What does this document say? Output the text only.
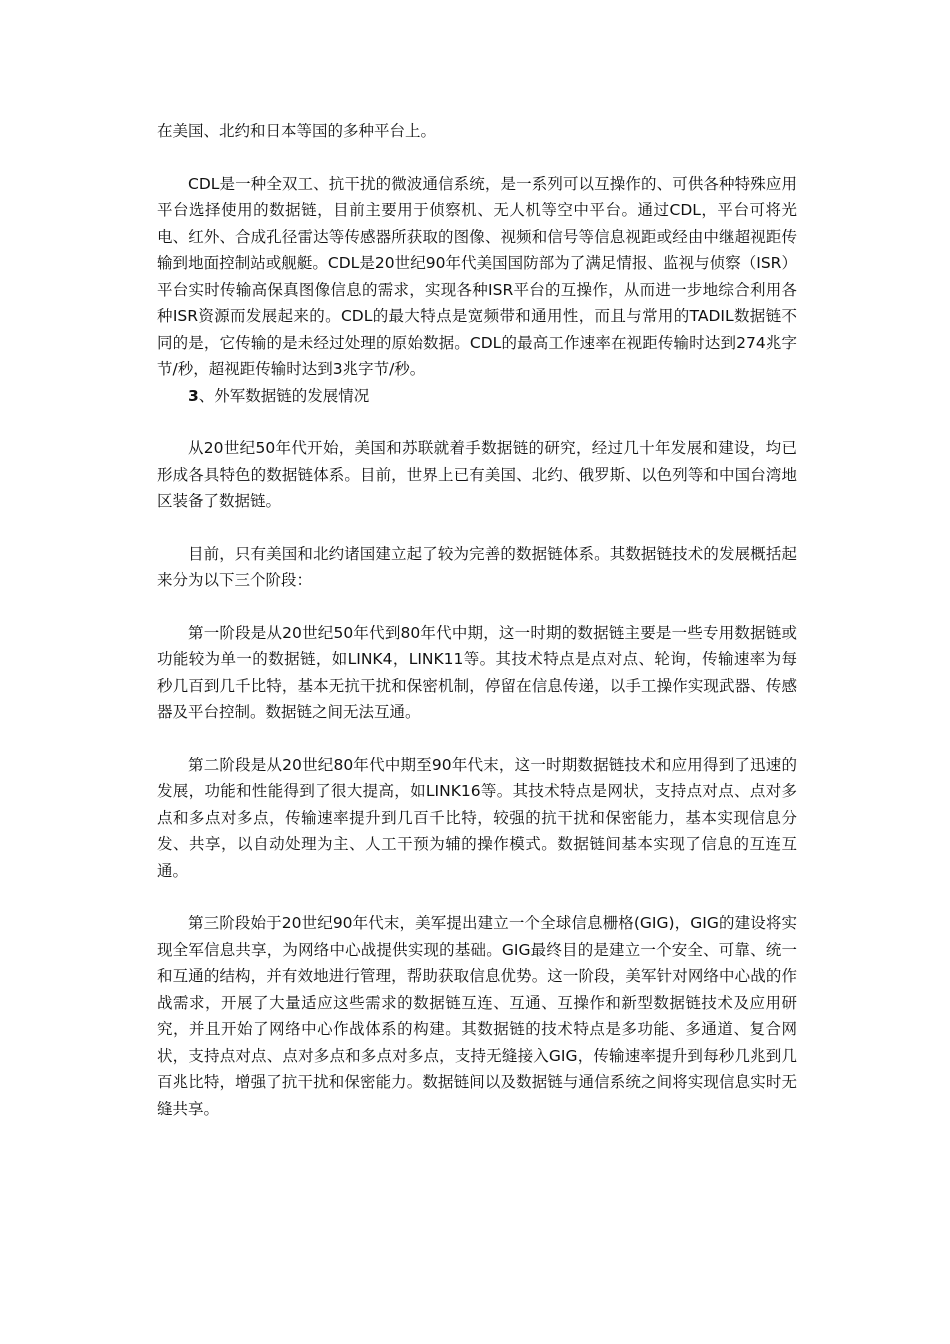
在美国、北约和日本等国的多种平台上。

CDL是一种全双工、抗干扰的微波通信系统，是一系列可以互操作的、可供各种特殊应用平台选择使用的数据链，目前主要用于侦察机、无人机等空中平台。通过CDL，平台可将光电、红外、合成孔径雷达等传感器所获取的图像、视频和信号等信息视距或经由中继超视距传输到地面控制站或舰艇。CDL是20世纪90年代美国国防部为了满足情报、监视与侦察（ISR）平台实时传输高保真图像信息的需求，实现各种ISR平台的互操作，从而进一步地综合利用各种ISR资源而发展起来的。CDL的最大特点是宽频带和通用性，而且与常用的TADIL数据链不同的是，它传输的是未经过处理的原始数据。CDL的最高工作速率在视距传输时达到274兆字节/秒，超视距传输时达到3兆字节/秒。

3、外军数据链的发展情况

从20世纪50年代开始，美国和苏联就着手数据链的研究，经过几十年发展和建设，均已形成各具特色的数据链体系。目前，世界上已有美国、北约、俄罗斯、以色列等和中国台湾地区装备了数据链。

目前，只有美国和北约诸国建立起了较为完善的数据链体系。其数据链技术的发展概括起来分为以下三个阶段：

第一阶段是从20世纪50年代到80年代中期，这一时期的数据链主要是一些专用数据链或功能较为单一的数据链，如LINK4，LINK11等。其技术特点是点对点、轮询，传输速率为每秒几百到几千比特，基本无抗干扰和保密机制，停留在信息传递，以手工操作实现武器、传感器及平台控制。数据链之间无法互通。

第二阶段是从20世纪80年代中期至90年代末，这一时期数据链技术和应用得到了迅速的发展，功能和性能得到了很大提高，如LINK16等。其技术特点是网状，支持点对点、点对多点和多点对多点，传输速率提升到几百千比特，较强的抗干扰和保密能力，基本实现信息分发、共享，以自动处理为主、人工干预为辅的操作模式。数据链间基本实现了信息的互连互通。

第三阶段始于20世纪90年代末，美军提出建立一个全球信息栅格(GIG)，GIG的建设将实现全军信息共享，为网络中心战提供实现的基础。GIG最终目的是建立一个安全、可靠、统一和互通的结构，并有效地进行管理，帮助获取信息优势。这一阶段，美军针对网络中心战的作战需求，开展了大量适应这些需求的数据链互连、互通、互操作和新型数据链技术及应用研究，并且开始了网络中心作战体系的构建。其数据链的技术特点是多功能、多通道、复合网状，支持点对点、点对多点和多点对多点，支持无缝接入GIG，传输速率提升到每秒几兆到几百兆比特，增强了抗干扰和保密能力。数据链间以及数据链与通信系统之间将实现信息实时无缝共享。
